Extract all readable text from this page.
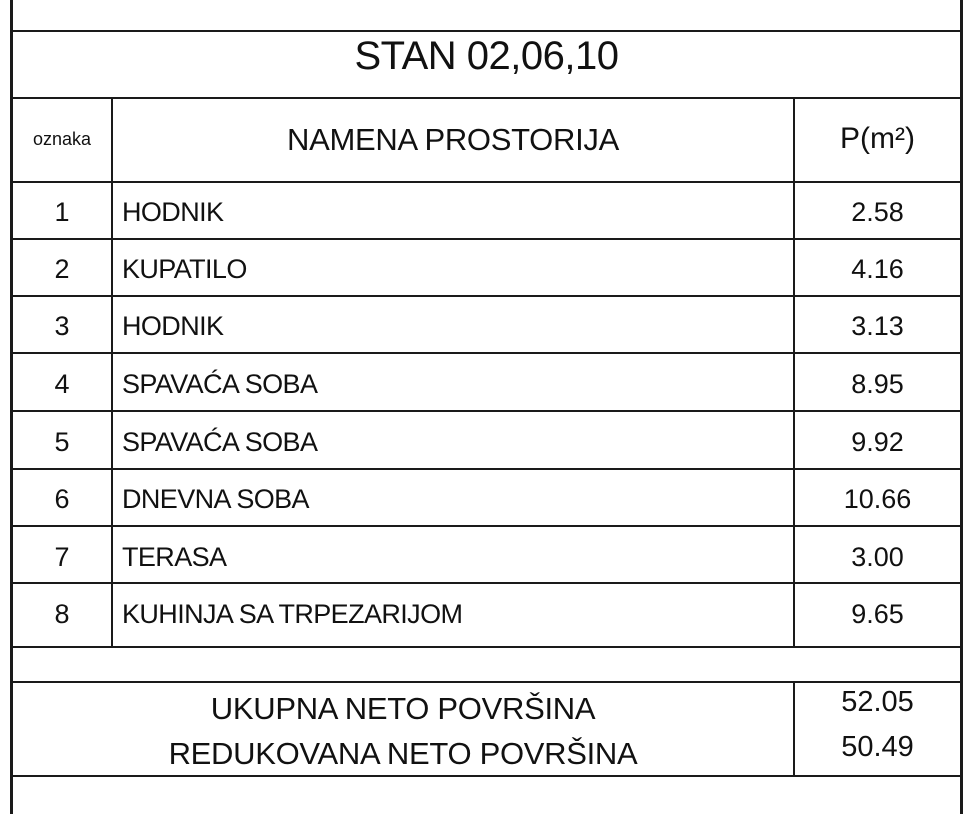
STAN 02,06,10
oznaka	NAMENA PROSTORIJA	P(m²)
1	HODNIK	2.58
2	KUPATILO	4.16
3	HODNIK	3.13
4	SPAVAĆA SOBA	8.95
5	SPAVAĆA SOBA	9.92
6	DNEVNA SOBA	10.66
7	TERASA	3.00
8	KUHINJA SA TRPEZARIJOM	9.65
UKUPNA NETO POVRŠINA	52.05
REDUKOVANA NETO POVRŠINA	50.49
